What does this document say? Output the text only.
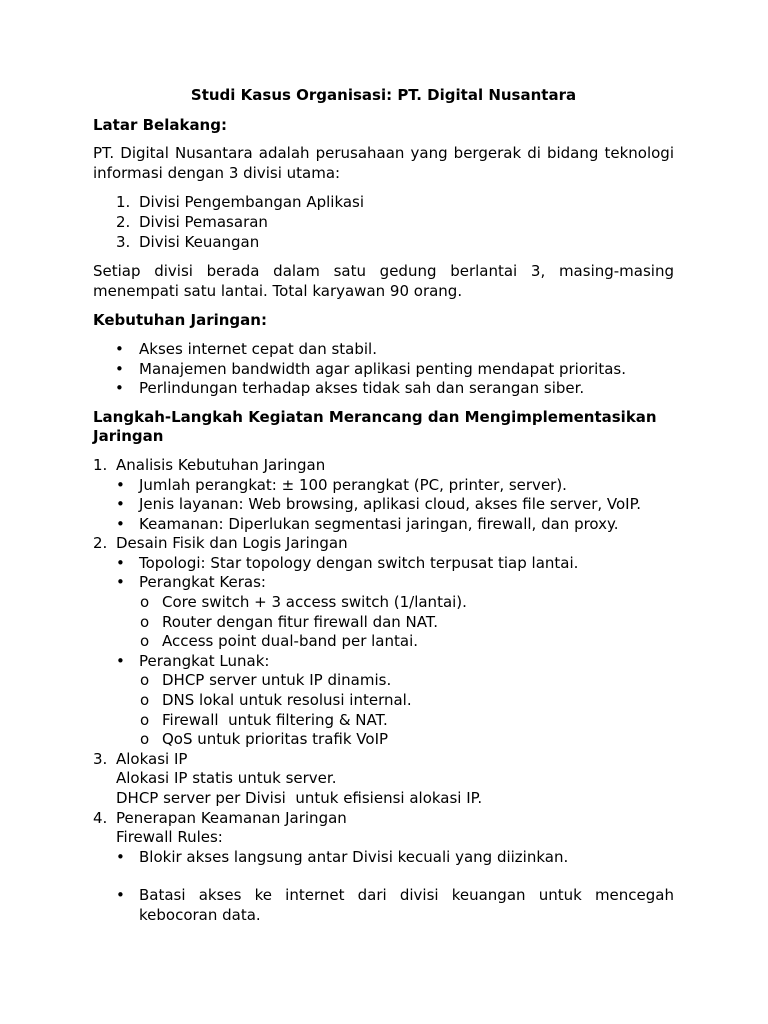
Studi Kasus Organisasi: PT. Digital Nusantara

Latar Belakang:

PT. Digital Nusantara adalah perusahaan yang bergerak di bidang teknologi informasi dengan 3 divisi utama:

1. Divisi Pengembangan Aplikasi
2. Divisi Pemasaran
3. Divisi Keuangan

Setiap divisi berada dalam satu gedung berlantai 3, masing-masing menempati satu lantai. Total karyawan 90 orang.

Kebutuhan Jaringan:

• Akses internet cepat dan stabil.
• Manajemen bandwidth agar aplikasi penting mendapat prioritas.
• Perlindungan terhadap akses tidak sah dan serangan siber.

Langkah-Langkah Kegiatan Merancang dan Mengimplementasikan Jaringan

1. Analisis Kebutuhan Jaringan
• Jumlah perangkat: ± 100 perangkat (PC, printer, server).
• Jenis layanan: Web browsing, aplikasi cloud, akses file server, VoIP.
• Keamanan: Diperlukan segmentasi jaringan, firewall, dan proxy.
2. Desain Fisik dan Logis Jaringan
• Topologi: Star topology dengan switch terpusat tiap lantai.
• Perangkat Keras:
o Core switch + 3 access switch (1/lantai).
o Router dengan fitur firewall dan NAT.
o Access point dual-band per lantai.
• Perangkat Lunak:
o DHCP server untuk IP dinamis.
o DNS lokal untuk resolusi internal.
o Firewall  untuk filtering & NAT.
o QoS untuk prioritas trafik VoIP
3. Alokasi IP

Alokasi IP statis untuk server.

DHCP server per Divisi  untuk efisiensi alokasi IP.

4. Penerapan Keamanan Jaringan

Firewall Rules:

• Blokir akses langsung antar Divisi kecuali yang diizinkan.
• Batasi akses ke internet dari divisi keuangan untuk mencegah kebocoran data.
